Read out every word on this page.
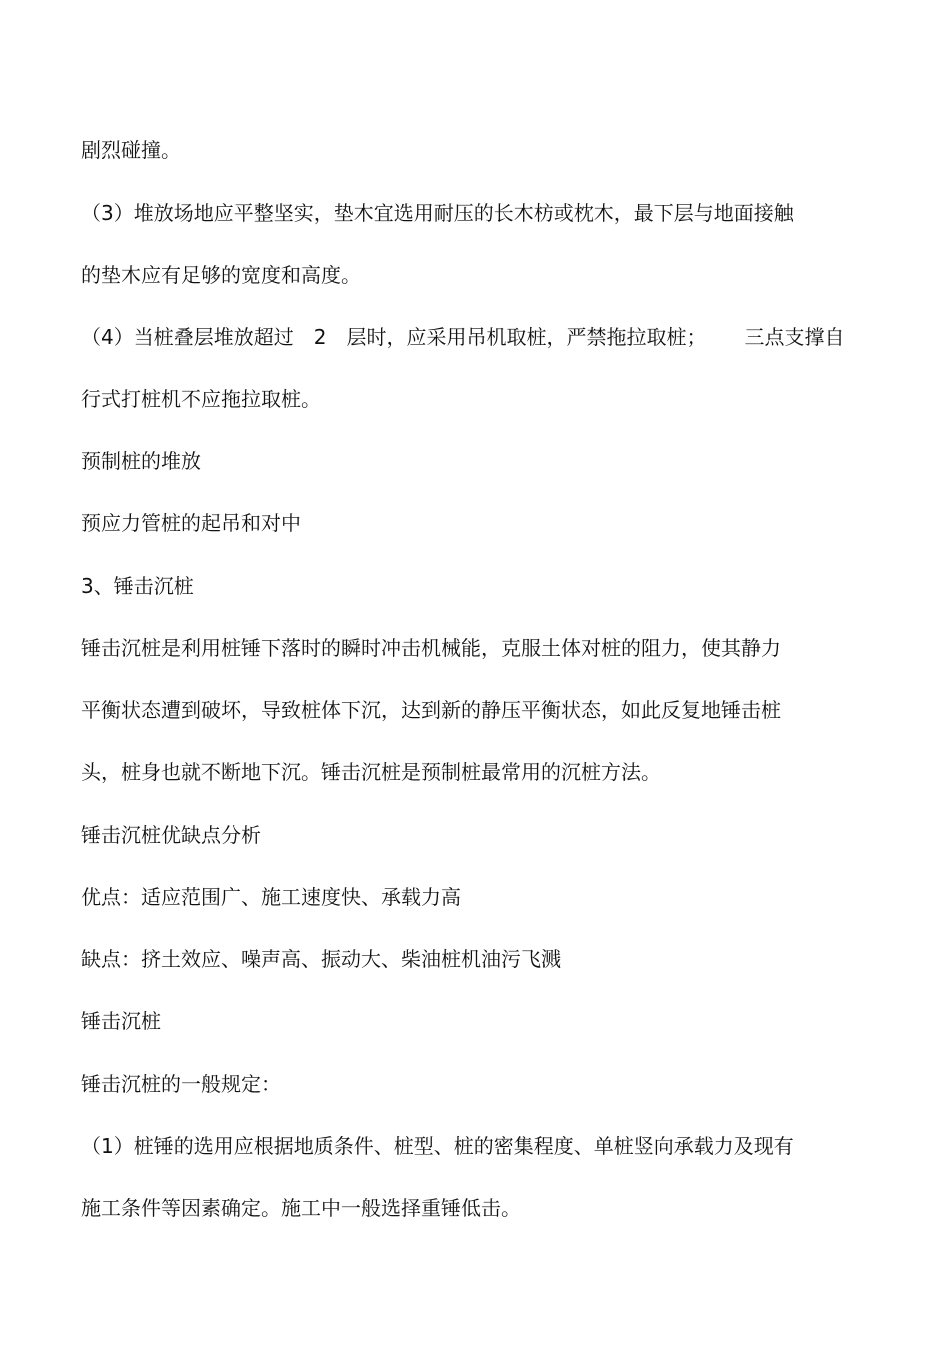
剧烈碰撞。
（3）堆放场地应平整坚实，垫木宜选用耐压的长木枋或枕木，最下层与地面接触
的垫木应有足够的宽度和高度。
（4）当桩叠层堆放超过 2 层时，应采用吊机取桩，严禁拖拉取桩； 三点支撑自
行式打桩机不应拖拉取桩。
预制桩的堆放
预应力管桩的起吊和对中
3、锤击沉桩
锤击沉桩是利用桩锤下落时的瞬时冲击机械能，克服土体对桩的阻力，使其静力
平衡状态遭到破坏，导致桩体下沉，达到新的静压平衡状态，如此反复地锤击桩
头，桩身也就不断地下沉。锤击沉桩是预制桩最常用的沉桩方法。
锤击沉桩优缺点分析
优点：适应范围广、施工速度快、承载力高
缺点：挤土效应、噪声高、振动大、柴油桩机油污飞溅
锤击沉桩
锤击沉桩的一般规定：
（1）桩锤的选用应根据地质条件、桩型、桩的密集程度、单桩竖向承载力及现有
施工条件等因素确定。施工中一般选择重锤低击。
